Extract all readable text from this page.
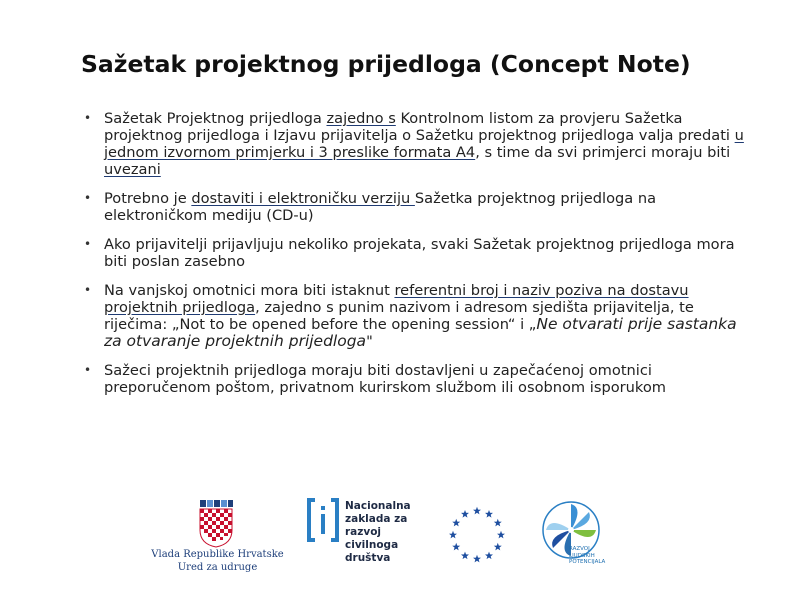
Sažetak projektnog prijedloga (Concept Note)
• Sažetak Projektnog prijedloga zajedno s Kontrolnom listom za provjeru Sažetka projektnog prijedloga i Izjavu prijavitelja o Sažetku projektnog prijedloga valja predati u jednom izvornom primjerku i 3 preslike formata A4, s time da svi primjerci moraju biti uvezani
• Potrebno je dostaviti i elektroničku verziju Sažetka projektnog prijedloga na elektroničkom mediju (CD-u)
• Ako prijavitelji prijavljuju nekoliko projekata, svaki Sažetak projektnog prijedloga mora biti poslan zasebno
• Na vanjskoj omotnici mora biti istaknut referentni broj i naziv poziva na dostavu projektnih prijedloga, zajedno s punim nazivom i adresom sjedišta prijavitelja, te riječima: „Not to be opened before the opening session“ i „Ne otvarati prije sastanka za otvaranje projektnih prijedloga"
• Sažeci projektnih prijedloga moraju biti dostavljeni u zapečaćenoj omotnici preporučenom poštom, privatnom kurirskom službom ili osobnom isporukom
Vlada Republike Hrvatske
Ured za udruge
Nacionalna
zaklada za
razvoj
civilnoga
društva
RAZVOJ
LJUDSKIH
POTENCIJALA
